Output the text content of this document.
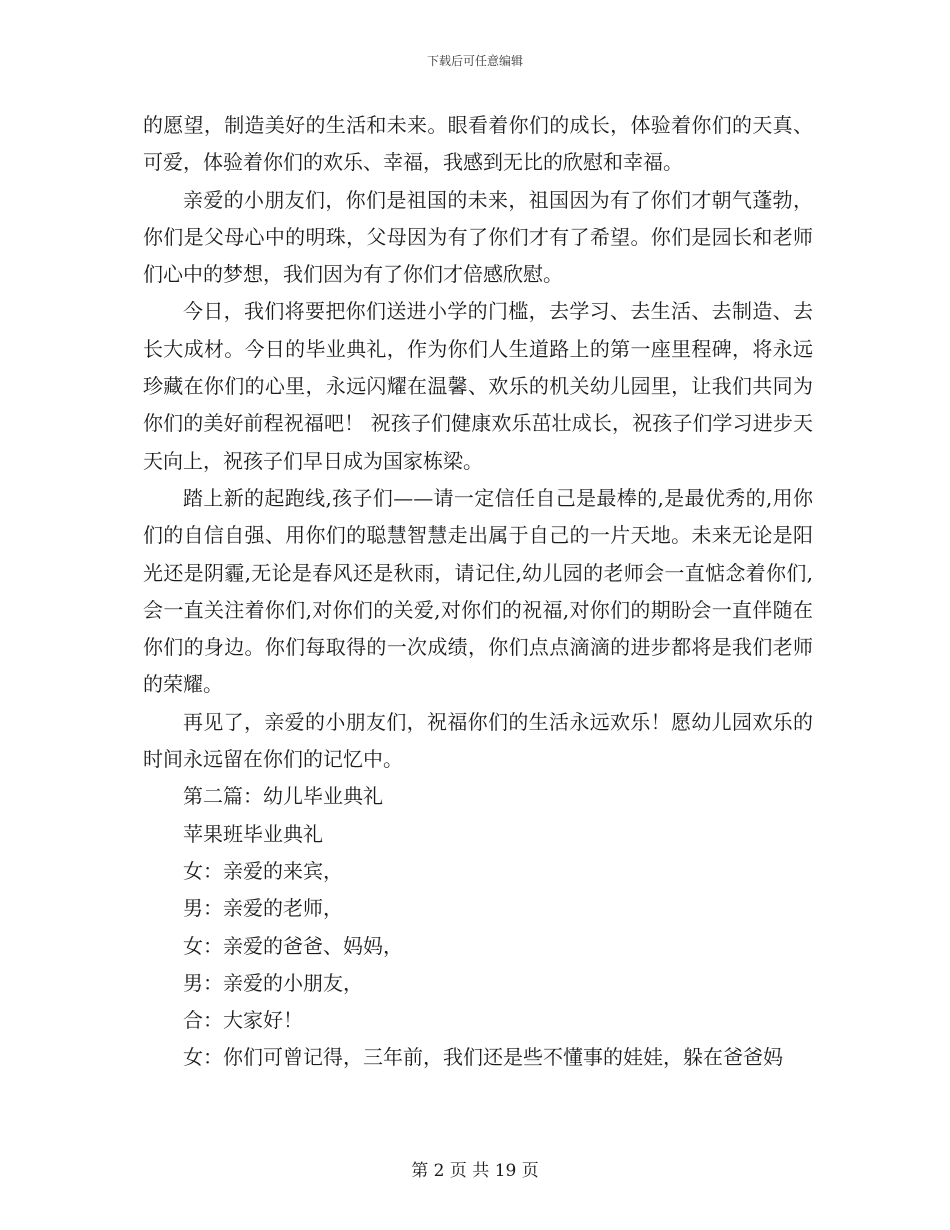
下载后可任意编辑

的愿望，制造美好的生活和未来。眼看着你们的成长，体验着你们的天真、可爱，体验着你们的欢乐、幸福，我感到无比的欣慰和幸福。

亲爱的小朋友们，你们是祖国的未来，祖国因为有了你们才朝气蓬勃，你们是父母心中的明珠，父母因为有了你们才有了希望。你们是园长和老师们心中的梦想，我们因为有了你们才倍感欣慰。

今日，我们将要把你们送进小学的门槛，去学习、去生活、去制造、去长大成材。今日的毕业典礼，作为你们人生道路上的第一座里程碑，将永远珍藏在你们的心里，永远闪耀在温馨、欢乐的机关幼儿园里，让我们共同为你们的美好前程祝福吧！ 祝孩子们健康欢乐茁壮成长，祝孩子们学习进步天天向上，祝孩子们早日成为国家栋梁。

踏上新的起跑线,孩子们——请一定信任自己是最棒的,是最优秀的,用你们的自信自强、用你们的聪慧智慧走出属于自己的一片天地。未来无论是阳光还是阴霾,无论是春风还是秋雨，请记住,幼儿园的老师会一直惦念着你们,会一直关注着你们,对你们的关爱,对你们的祝福,对你们的期盼会一直伴随在你们的身边。你们每取得的一次成绩，你们点点滴滴的进步都将是我们老师的荣耀。

再见了，亲爱的小朋友们，祝福你们的生活永远欢乐！愿幼儿园欢乐的时间永远留在你们的记忆中。

第二篇：幼儿毕业典礼

苹果班毕业典礼

女：亲爱的来宾，

男：亲爱的老师，

女：亲爱的爸爸、妈妈，

男：亲爱的小朋友，

合：大家好！

女：你们可曾记得，三年前，我们还是些不懂事的娃娃，躲在爸爸妈

第 2 页 共 19 页
